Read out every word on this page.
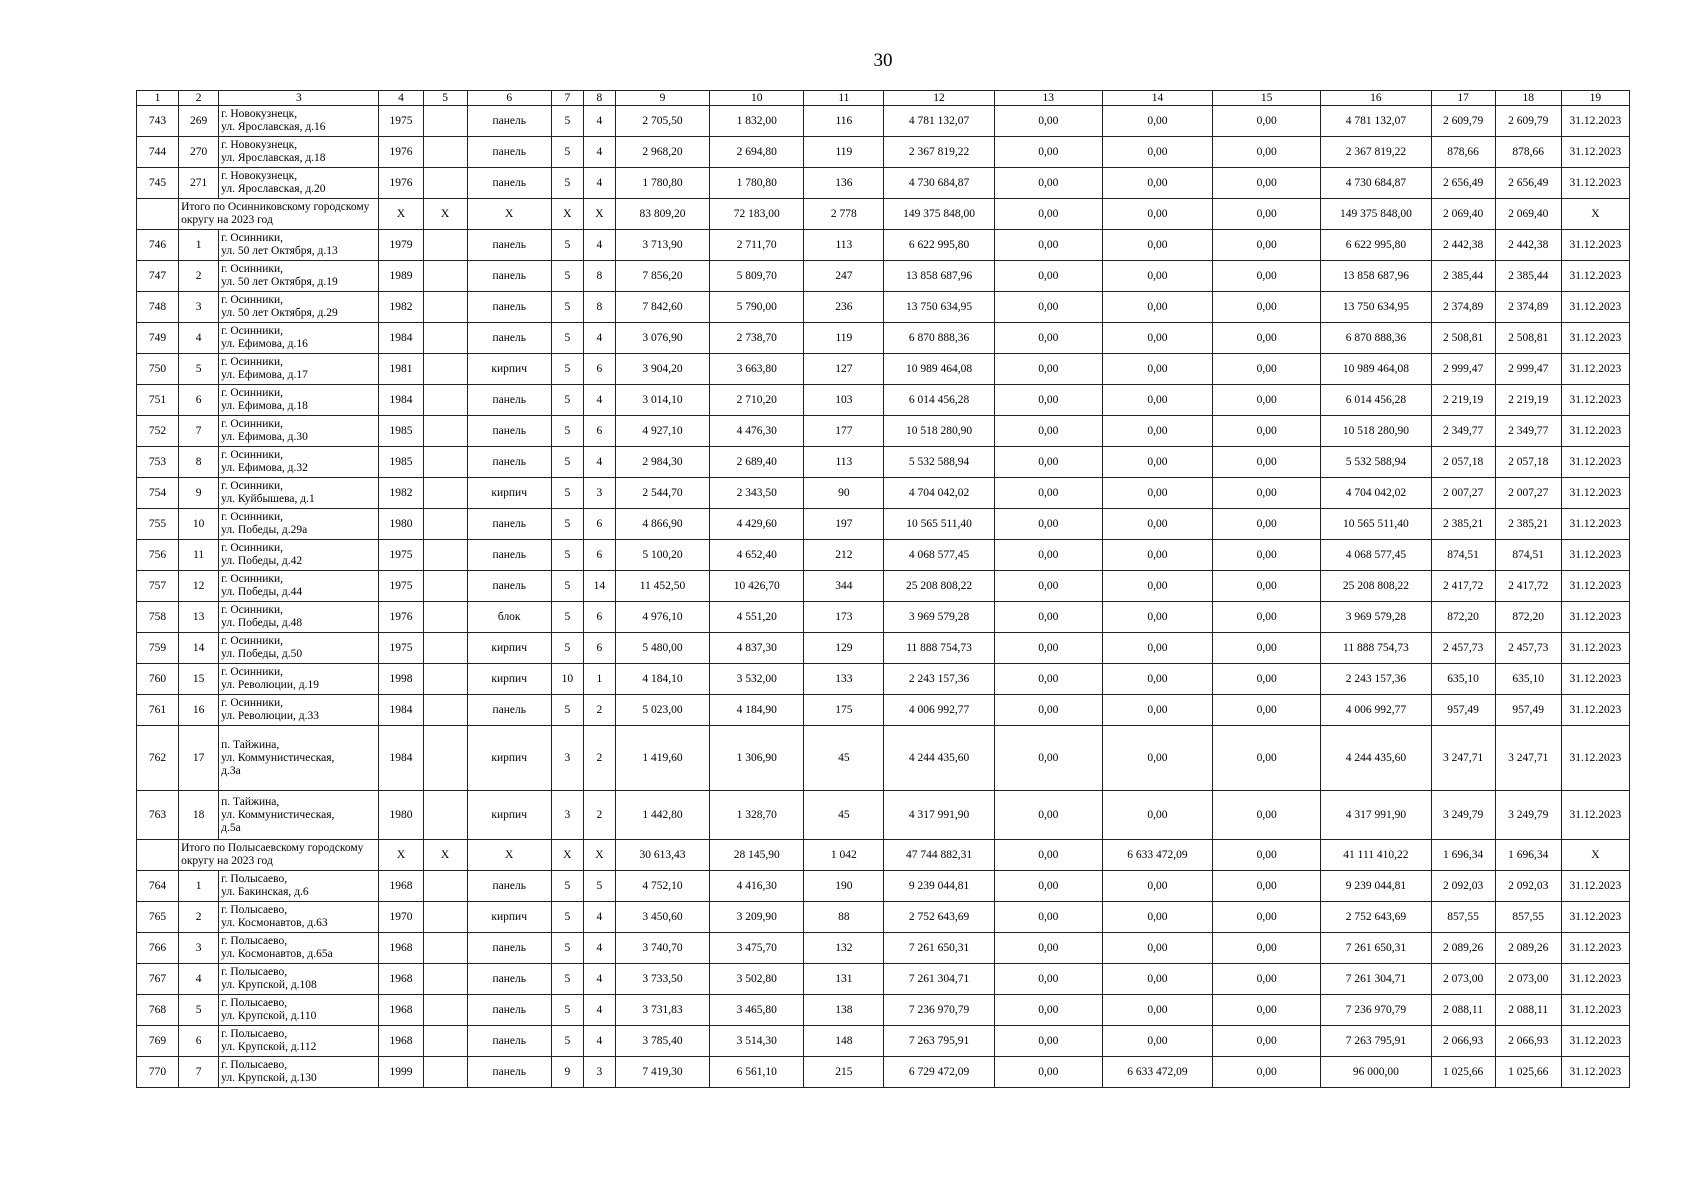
30
1	2	3	4	5	6	7	8	9	10	11	12	13	14	15	16	17	18	19
743	269	г. Новокузнецк,
ул. Ярославская, д.16	1975		панель	5	4	2 705,50	1 832,00	116	4 781 132,07	0,00	0,00	0,00	4 781 132,07	2 609,79	2 609,79	31.12.2023
744	270	г. Новокузнецк,
ул. Ярославская, д.18	1976		панель	5	4	2 968,20	2 694,80	119	2 367 819,22	0,00	0,00	0,00	2 367 819,22	878,66	878,66	31.12.2023
745	271	г. Новокузнецк,
ул. Ярославская, д.20	1976		панель	5	4	1 780,80	1 780,80	136	4 730 684,87	0,00	0,00	0,00	4 730 684,87	2 656,49	2 656,49	31.12.2023
	Итого по Осинниковскому городскому округу на 2023 год		X	X	X	X	X	83 809,20	72 183,00	2 778	149 375 848,00	0,00	0,00	0,00	149 375 848,00	2 069,40	2 069,40	X
746	1	г. Осинники,
ул. 50 лет Октября, д.13	1979		панель	5	4	3 713,90	2 711,70	113	6 622 995,80	0,00	0,00	0,00	6 622 995,80	2 442,38	2 442,38	31.12.2023
747	2	г. Осинники,
ул. 50 лет Октября, д.19	1989		панель	5	8	7 856,20	5 809,70	247	13 858 687,96	0,00	0,00	0,00	13 858 687,96	2 385,44	2 385,44	31.12.2023
748	3	г. Осинники,
ул. 50 лет Октября, д.29	1982		панель	5	8	7 842,60	5 790,00	236	13 750 634,95	0,00	0,00	0,00	13 750 634,95	2 374,89	2 374,89	31.12.2023
749	4	г. Осинники,
ул. Ефимова, д.16	1984		панель	5	4	3 076,90	2 738,70	119	6 870 888,36	0,00	0,00	0,00	6 870 888,36	2 508,81	2 508,81	31.12.2023
750	5	г. Осинники,
ул. Ефимова, д.17	1981		кирпич	5	6	3 904,20	3 663,80	127	10 989 464,08	0,00	0,00	0,00	10 989 464,08	2 999,47	2 999,47	31.12.2023
751	6	г. Осинники,
ул. Ефимова, д.18	1984		панель	5	4	3 014,10	2 710,20	103	6 014 456,28	0,00	0,00	0,00	6 014 456,28	2 219,19	2 219,19	31.12.2023
752	7	г. Осинники,
ул. Ефимова, д.30	1985		панель	5	6	4 927,10	4 476,30	177	10 518 280,90	0,00	0,00	0,00	10 518 280,90	2 349,77	2 349,77	31.12.2023
753	8	г. Осинники,
ул. Ефимова, д.32	1985		панель	5	4	2 984,30	2 689,40	113	5 532 588,94	0,00	0,00	0,00	5 532 588,94	2 057,18	2 057,18	31.12.2023
754	9	г. Осинники,
ул. Куйбышева, д.1	1982		кирпич	5	3	2 544,70	2 343,50	90	4 704 042,02	0,00	0,00	0,00	4 704 042,02	2 007,27	2 007,27	31.12.2023
755	10	г. Осинники,
ул. Победы, д.29а	1980		панель	5	6	4 866,90	4 429,60	197	10 565 511,40	0,00	0,00	0,00	10 565 511,40	2 385,21	2 385,21	31.12.2023
756	11	г. Осинники,
ул. Победы, д.42	1975		панель	5	6	5 100,20	4 652,40	212	4 068 577,45	0,00	0,00	0,00	4 068 577,45	874,51	874,51	31.12.2023
757	12	г. Осинники,
ул. Победы, д.44	1975		панель	5	14	11 452,50	10 426,70	344	25 208 808,22	0,00	0,00	0,00	25 208 808,22	2 417,72	2 417,72	31.12.2023
758	13	г. Осинники,
ул. Победы, д.48	1976		блок	5	6	4 976,10	4 551,20	173	3 969 579,28	0,00	0,00	0,00	3 969 579,28	872,20	872,20	31.12.2023
759	14	г. Осинники,
ул. Победы, д.50	1975		кирпич	5	6	5 480,00	4 837,30	129	11 888 754,73	0,00	0,00	0,00	11 888 754,73	2 457,73	2 457,73	31.12.2023
760	15	г. Осинники,
ул. Революции, д.19	1998		кирпич	10	1	4 184,10	3 532,00	133	2 243 157,36	0,00	0,00	0,00	2 243 157,36	635,10	635,10	31.12.2023
761	16	г. Осинники,
ул. Революции, д.33	1984		панель	5	2	5 023,00	4 184,90	175	4 006 992,77	0,00	0,00	0,00	4 006 992,77	957,49	957,49	31.12.2023
762	17	п. Тайжина,
ул. Коммунистическая,
д.3а	1984		кирпич	3	2	1 419,60	1 306,90	45	4 244 435,60	0,00	0,00	0,00	4 244 435,60	3 247,71	3 247,71	31.12.2023
763	18	п. Тайжина,
ул. Коммунистическая,
д.5а	1980		кирпич	3	2	1 442,80	1 328,70	45	4 317 991,90	0,00	0,00	0,00	4 317 991,90	3 249,79	3 249,79	31.12.2023
	Итого по Полысаевскому городскому округу на 2023 год		X	X	X	X	X	30 613,43	28 145,90	1 042	47 744 882,31	0,00	6 633 472,09	0,00	41 111 410,22	1 696,34	1 696,34	X
764	1	г. Полысаево,
ул. Бакинская, д.6	1968		панель	5	5	4 752,10	4 416,30	190	9 239 044,81	0,00	0,00	0,00	9 239 044,81	2 092,03	2 092,03	31.12.2023
765	2	г. Полысаево,
ул. Космонавтов, д.63	1970		кирпич	5	4	3 450,60	3 209,90	88	2 752 643,69	0,00	0,00	0,00	2 752 643,69	857,55	857,55	31.12.2023
766	3	г. Полысаево,
ул. Космонавтов, д.65а	1968		панель	5	4	3 740,70	3 475,70	132	7 261 650,31	0,00	0,00	0,00	7 261 650,31	2 089,26	2 089,26	31.12.2023
767	4	г. Полысаево,
ул. Крупской, д.108	1968		панель	5	4	3 733,50	3 502,80	131	7 261 304,71	0,00	0,00	0,00	7 261 304,71	2 073,00	2 073,00	31.12.2023
768	5	г. Полысаево,
ул. Крупской, д.110	1968		панель	5	4	3 731,83	3 465,80	138	7 236 970,79	0,00	0,00	0,00	7 236 970,79	2 088,11	2 088,11	31.12.2023
769	6	г. Полысаево,
ул. Крупской, д.112	1968		панель	5	4	3 785,40	3 514,30	148	7 263 795,91	0,00	0,00	0,00	7 263 795,91	2 066,93	2 066,93	31.12.2023
770	7	г. Полысаево,
ул. Крупской, д.130	1999		панель	9	3	7 419,30	6 561,10	215	6 729 472,09	0,00	6 633 472,09	0,00	96 000,00	1 025,66	1 025,66	31.12.2023
